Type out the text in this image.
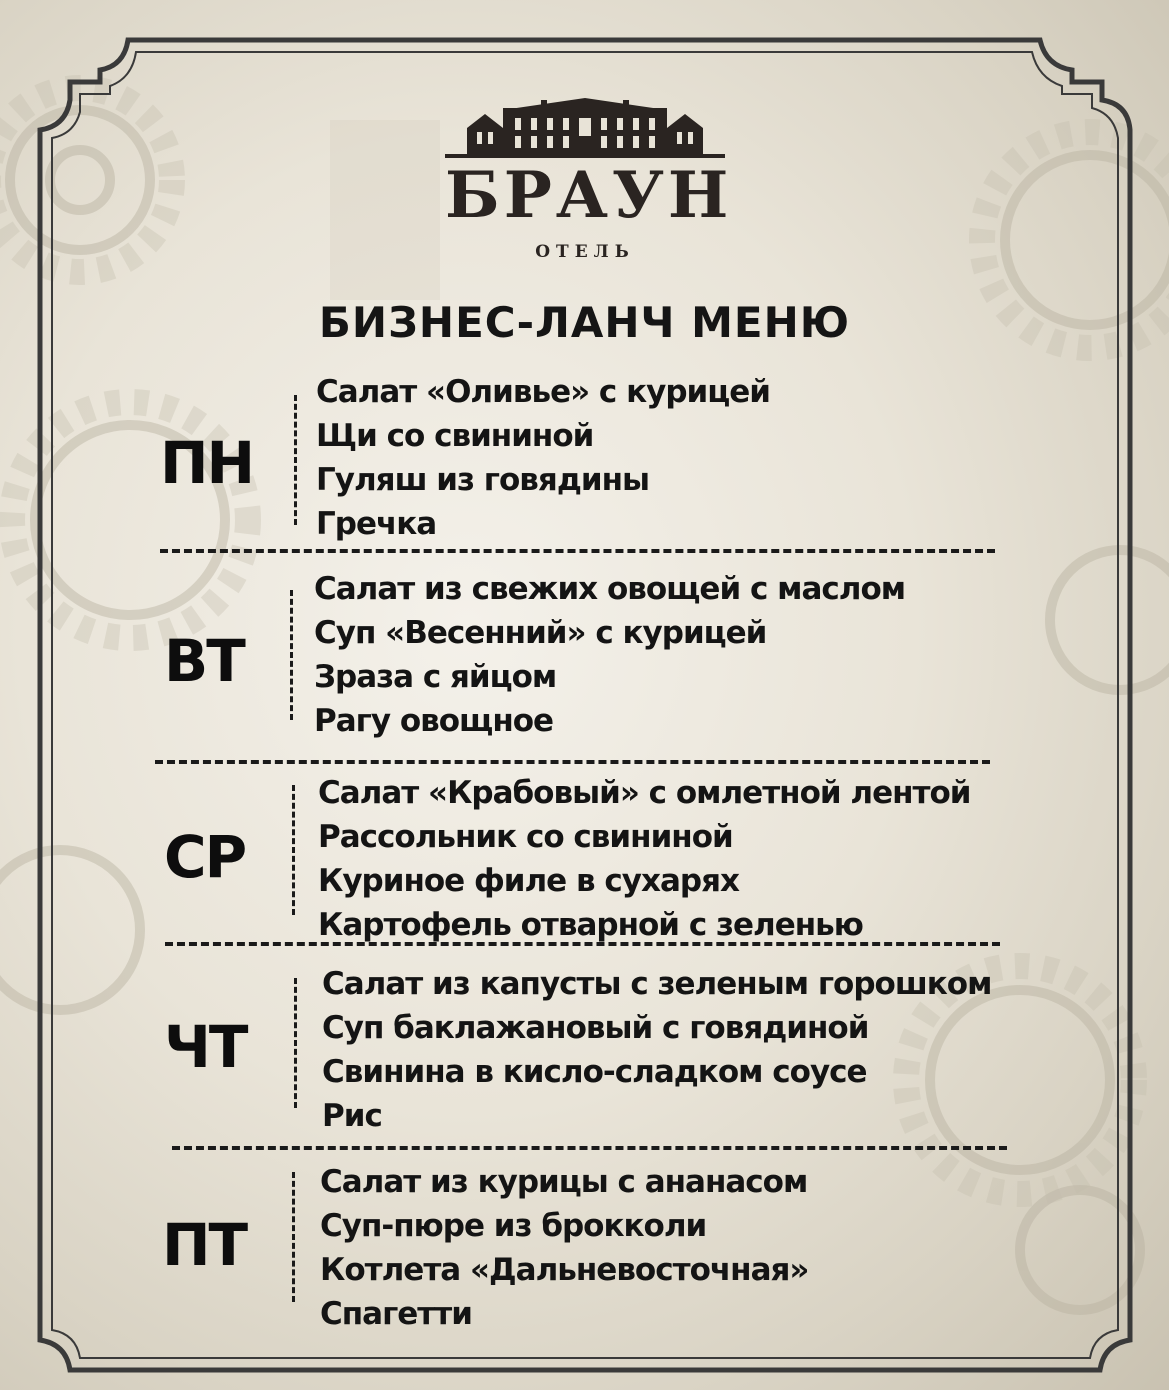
БРАУН
ОТЕЛЬ
БИЗНЕС-ЛАНЧ МЕНЮ
ПН
Салат «Оливье» с курицей
Щи со свининой
Гуляш из говядины
Гречка
ВТ
Салат из свежих овощей с маслом
Суп «Весенний» с курицей
Зраза с яйцом
Рагу овощное
СР
Салат «Крабовый» с омлетной лентой
Рассольник со свининой
Куриное филе в сухарях
Картофель отварной с зеленью
ЧТ
Салат из капусты с зеленым горошком
Суп баклажановый с говядиной
Свинина в кисло-сладком соусе
Рис
ПТ
Салат из курицы с ананасом
Суп-пюре из брокколи
Котлета «Дальневосточная»
Спагетти
